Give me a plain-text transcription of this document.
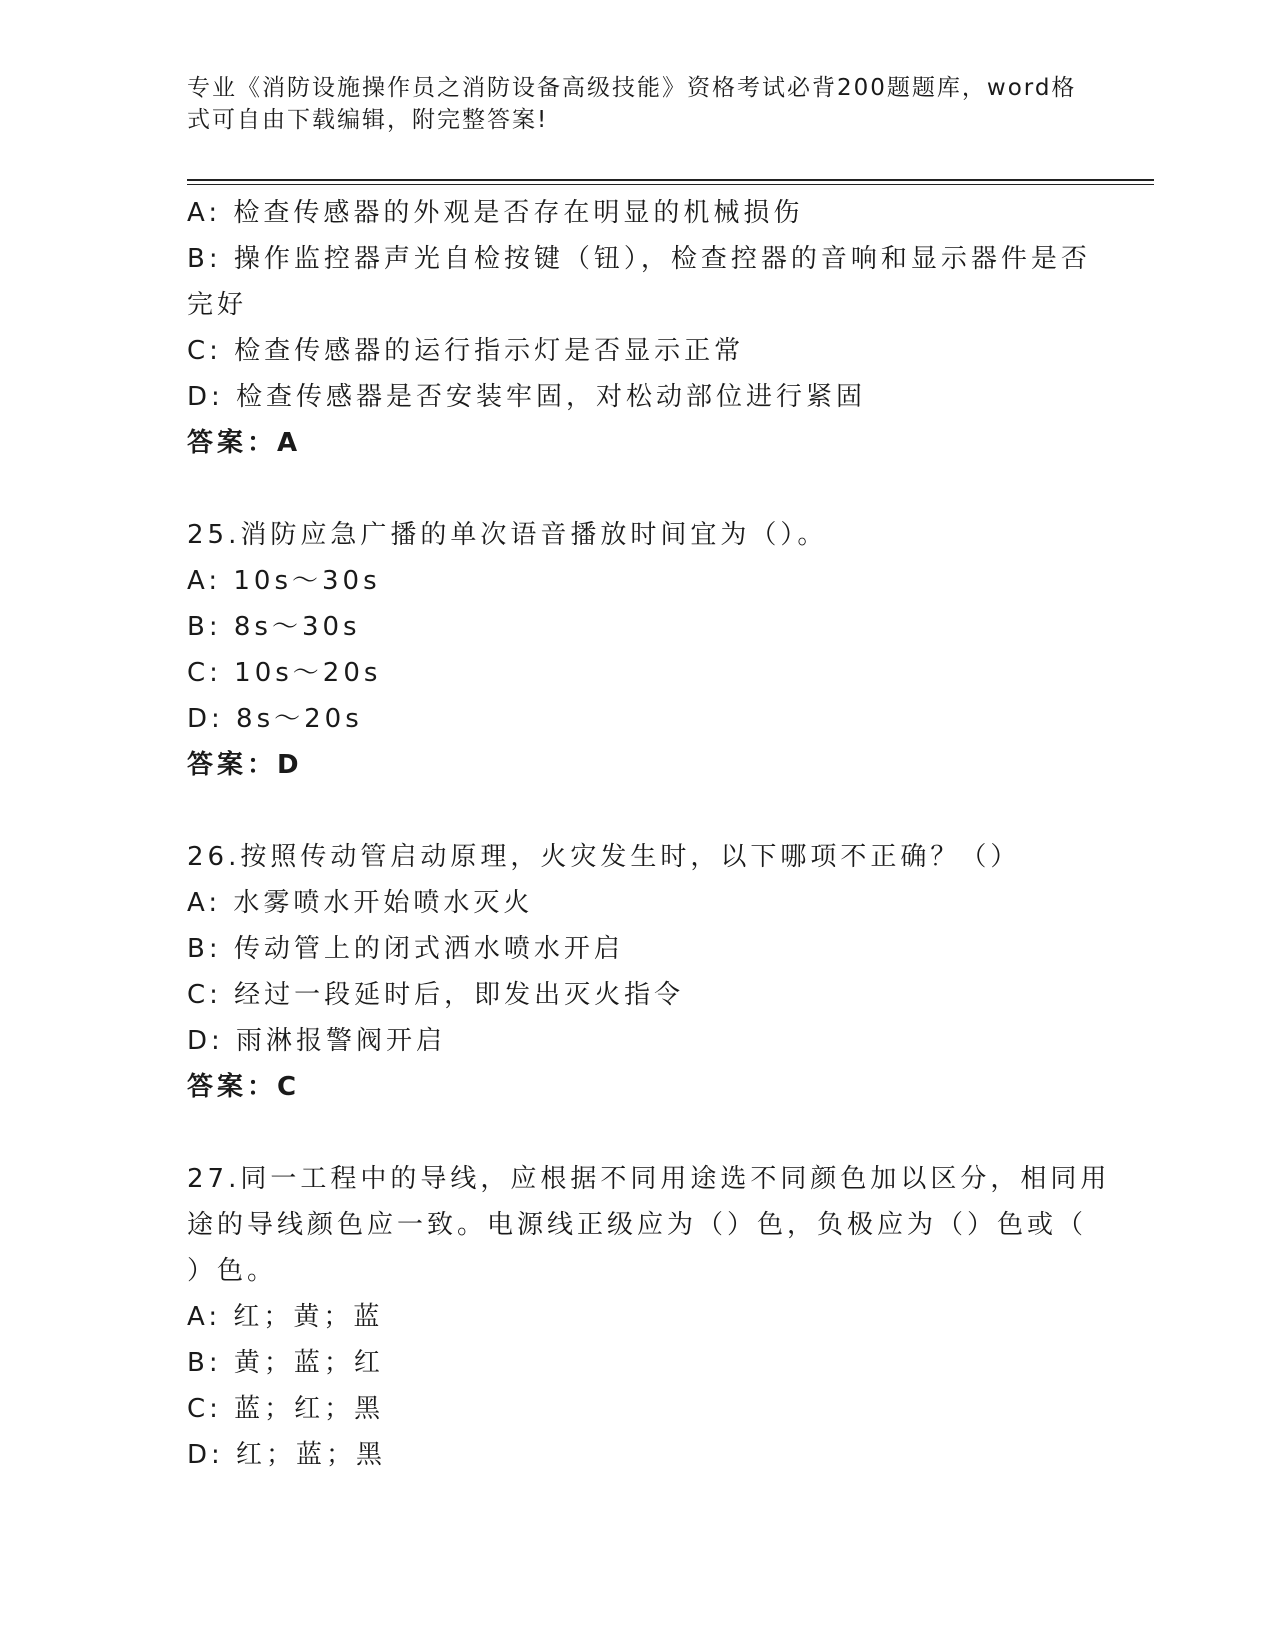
专业《消防设施操作员之消防设备高级技能》资格考试必背200题题库，word格
式可自由下载编辑，附完整答案!
A: 检查传感器的外观是否存在明显的机械损伤
B: 操作监控器声光自检按键（钮），检查控器的音响和显示器件是否
完好
C: 检查传感器的运行指示灯是否显示正常
D: 检查传感器是否安装牢固，对松动部位进行紧固
答案：A
25.消防应急广播的单次语音播放时间宜为（）。
A: 10s～30s
B: 8s～30s
C: 10s～20s
D: 8s～20s
答案：D
26.按照传动管启动原理，火灾发生时，以下哪项不正确？（）
A: 水雾喷水开始喷水灭火
B: 传动管上的闭式洒水喷水开启
C: 经过一段延时后，即发出灭火指令
D: 雨淋报警阀开启
答案：C
27.同一工程中的导线，应根据不同用途选不同颜色加以区分，相同用
途的导线颜色应一致。电源线正级应为（）色，负极应为（）色或（
）色。
A: 红；黄；蓝
B: 黄；蓝；红
C: 蓝；红；黑
D: 红；蓝；黑
